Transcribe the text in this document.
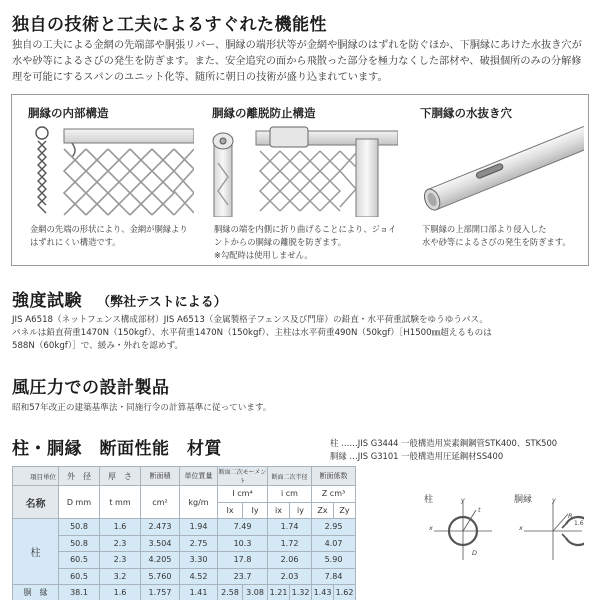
独自の技術と工夫によるすぐれた機能性
独自の工夫による金網の先端部や胴張リバー、胴縁の端形状等が金網や胴縁のはずれを防ぐほか、下胴縁にあけた水抜き穴が
水や砂等によるさびの発生を防ぎます。また、安全追究の面から飛散った部分を極力なくした部材や、破損個所のみの分解修
理を可能にするスパンのユニット化等、随所に朝日の技術が盛り込まれています。
胴縁の内部構造
金網の先端の形状により、金網が胴縁より
はずれにくい構造です。
胴縁の離脱防止構造
胴縁の端を内側に折り曲げることにより、ジョイ
ントからの胴縁の離脱を防ぎます。
※勾配時は使用しません。
下胴縁の水抜き穴
下胴縁の上部開口部より侵入した
水や砂等によるさびの発生を防ぎます。
強度試験 （弊社テストによる）
JIS A6518（ネットフェンス構成部材）JIS A6513（金属製格子フェンス及び門扉）の鉛直・水平荷重試験をゆうゆうパス。
パネルは鉛直荷重1470N（150kgf）、水平荷重1470N（150kgf）、主柱は水平荷重490N（50kgf）［H1500㎜超えるものは
588N（60kgf）］で、緩み・外れを認めず。
風圧力での設計製品
昭和57年改正の建築基準法・同施行令の計算基準に従っています。
柱・胴縁　断面性能　材質	柱 ……JIS G3444 一般構造用炭素鋼鋼管STK400、STK500
胴縁 …JIS G3101 一般構造用圧延鋼材SS400
項目単位	外　径	厚　さ	断面積	単位質量	断面二次モーメント		断面二次半径		断面係数	
名称	D mm	t mm	cm²	kg/m	I cm⁴		i cm		Z cm³	
					Ix	Iy	ix	iy	Zx	Zy
柱	50.8	1.6	2.473	1.94	7.49		1.74		2.95	
	50.8	2.3	3.504	2.75	10.3		1.72		4.07	
	60.5	2.3	4.205	3.30	17.8		2.06		5.90	
	60.5	3.2	5.760	4.52	23.7		2.03		7.84	
胴　縁	38.1	1.6	1.757	1.41	2.58	3.08	1.21	1.32	1.43	1.62
柱	y
x
t
D
胴縁	y
x
R
1.6
